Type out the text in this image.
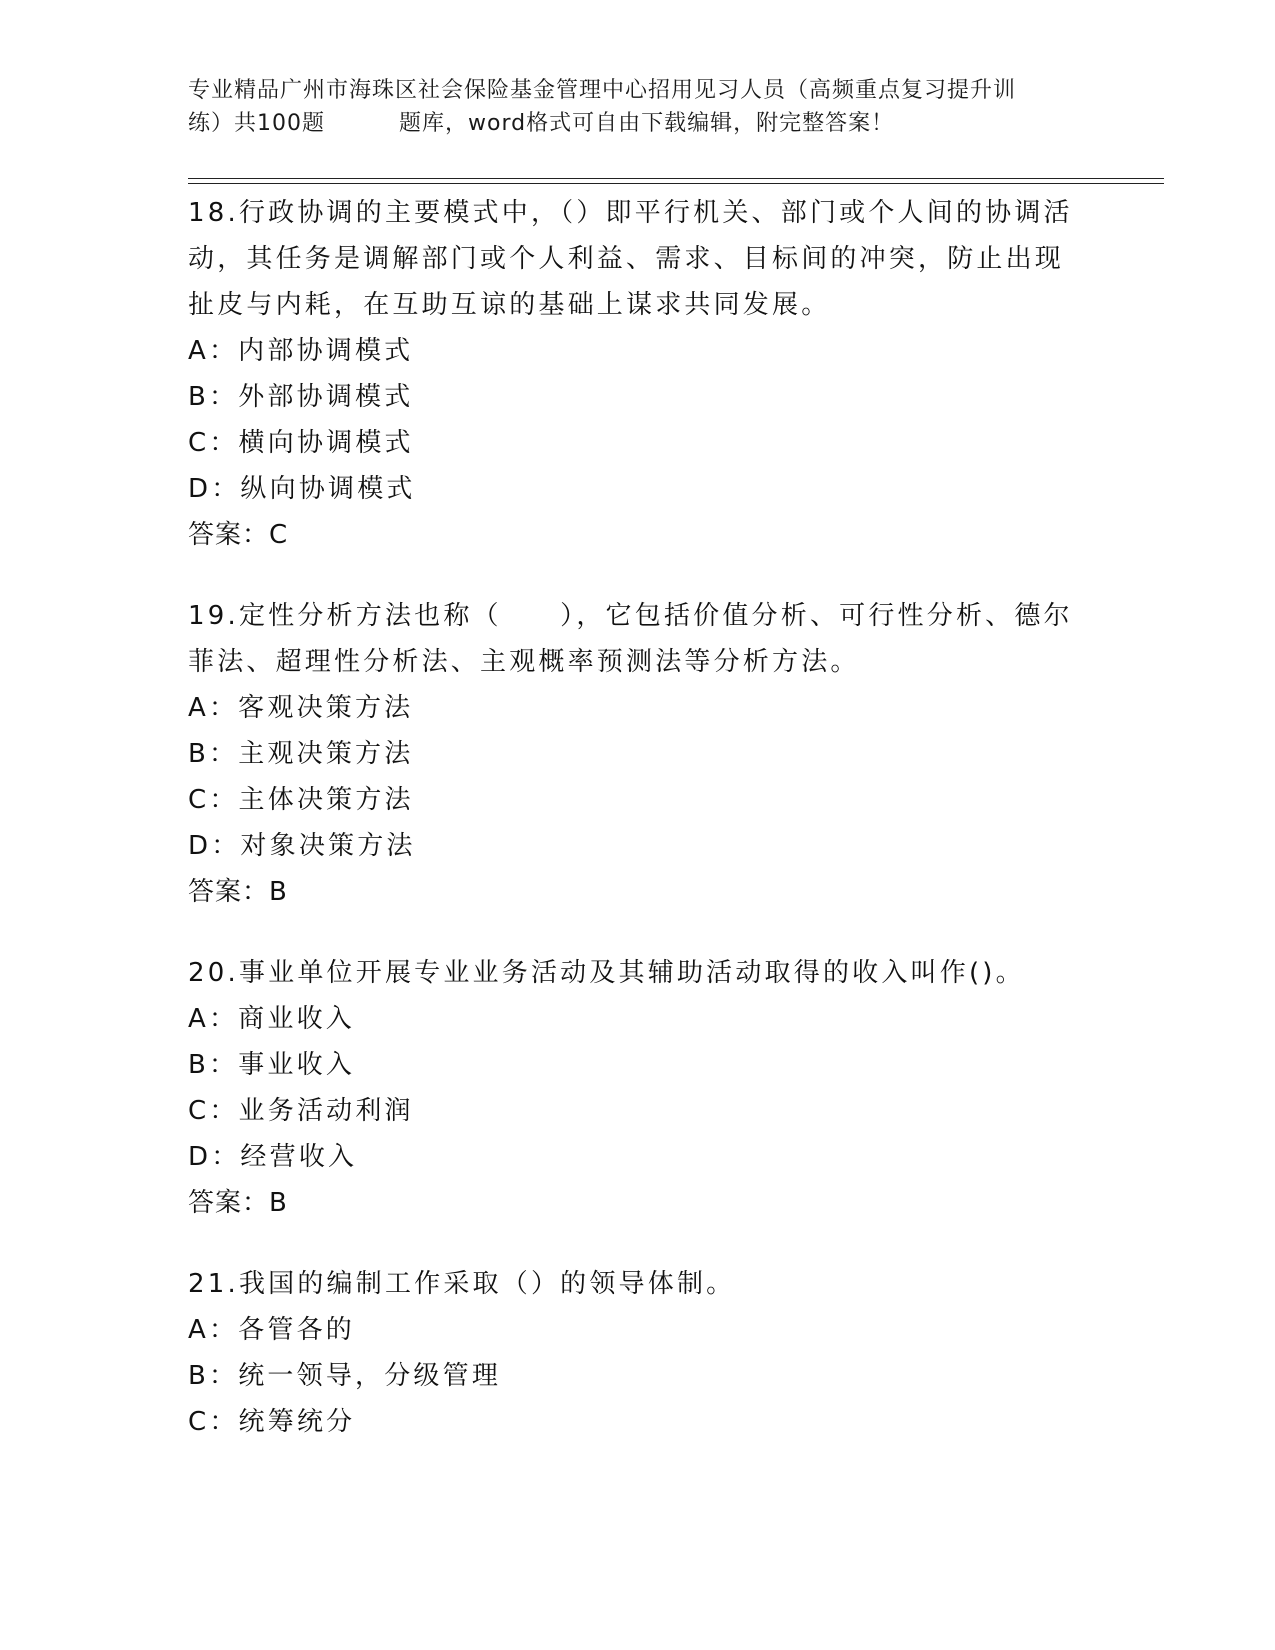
专业精品广州市海珠区社会保险基金管理中心招用见习人员（高频重点复习提升训
练）共100题	题库，word格式可自由下载编辑，附完整答案！

18.行政协调的主要模式中，（）即平行机关、部门或个人间的协调活动，其任务是调解部门或个人利益、需求、目标间的冲突，防止出现扯皮与内耗，在互助互谅的基础上谋求共同发展。

A：内部协调模式
B：外部协调模式
C：横向协调模式
D：纵向协调模式
答案：C

19.定性分析方法也称（　　），它包括价值分析、可行性分析、德尔菲法、超理性分析法、主观概率预测法等分析方法。

A：客观决策方法
B：主观决策方法
C：主体决策方法
D：对象决策方法
答案：B

20.事业单位开展专业业务活动及其辅助活动取得的收入叫作()。

A：商业收入
B：事业收入
C：业务活动利润
D：经营收入
答案：B

21.我国的编制工作采取（）的领导体制。

A：各管各的
B：统一领导，分级管理
C：统筹统分
